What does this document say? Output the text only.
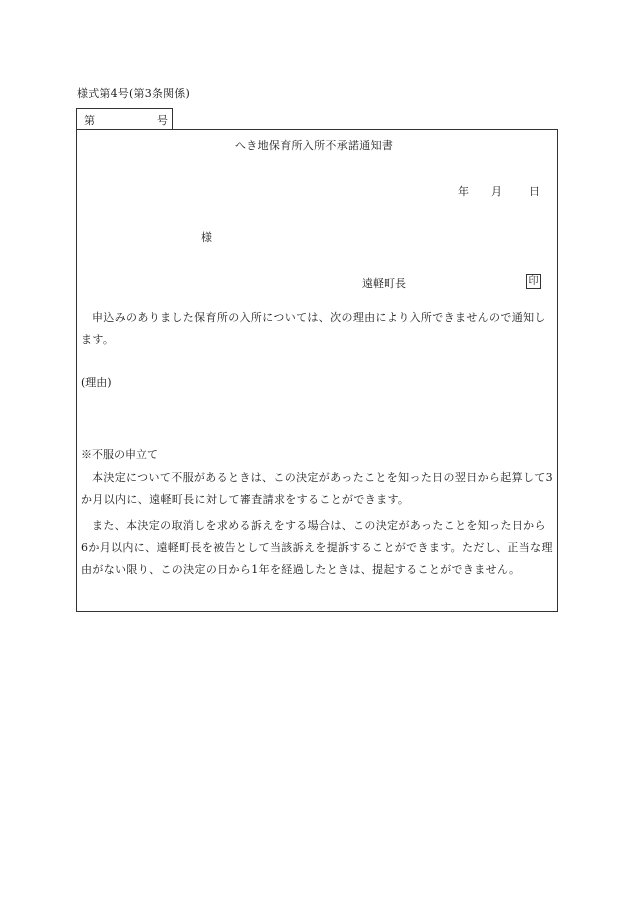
様式第4号(第3条関係)
第	号
へき地保育所入所不承諾通知書
年 月 日
様
遠軽町長	印
申込みのありました保育所の入所については、次の理由により入所できませんので通知します。
(理由)
※不服の申立て
本決定について不服があるときは、この決定があったことを知った日の翌日から起算して3か月以内に、遠軽町長に対して審査請求をすることができます。
また、本決定の取消しを求める訴えをする場合は、この決定があったことを知った日から6か月以内に、遠軽町長を被告として当該訴えを提訴することができます。ただし、正当な理由がない限り、この決定の日から1年を経過したときは、提起することができません。
